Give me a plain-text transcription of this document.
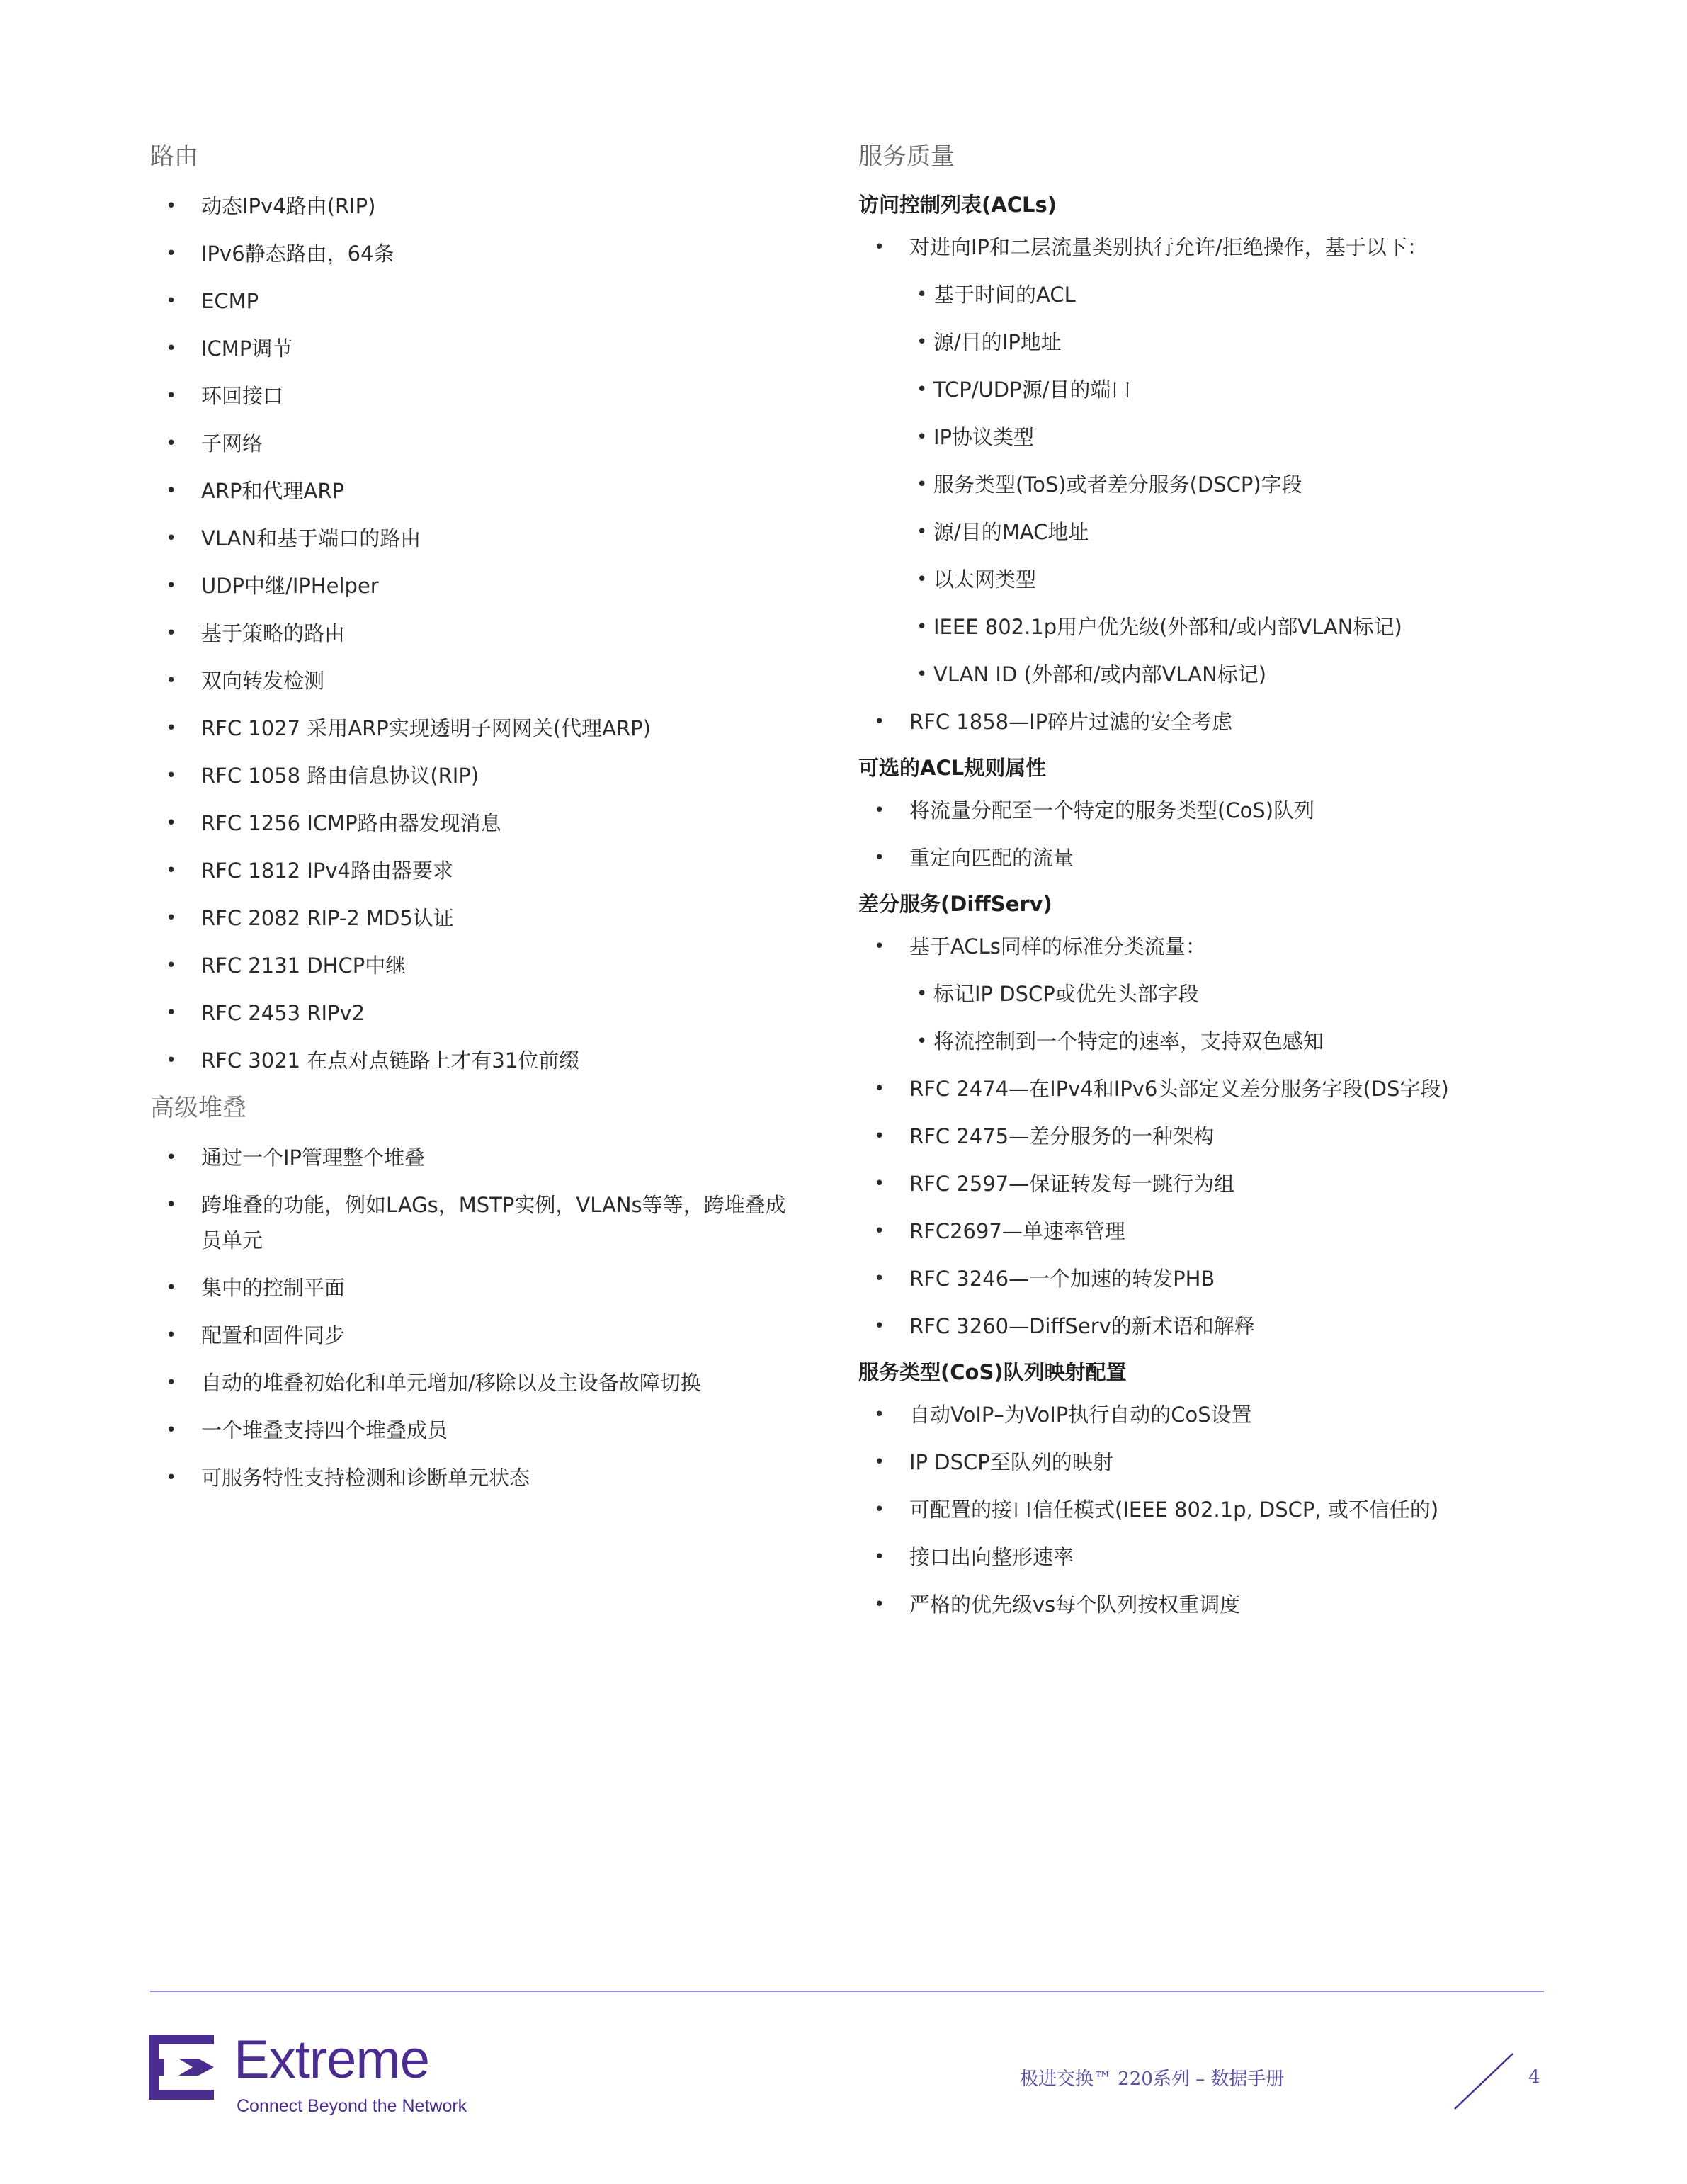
路由
• 动态IPv4路由(RIP)
• IPv6静态路由，64条
• ECMP
• ICMP调节
• 环回接口
• 子网络
• ARP和代理ARP
• VLAN和基于端口的路由
• UDP中继/IPHelper
• 基于策略的路由
• 双向转发检测
• RFC 1027 采用ARP实现透明子网网关(代理ARP)
• RFC 1058 路由信息协议(RIP)
• RFC 1256 ICMP路由器发现消息
• RFC 1812 IPv4路由器要求
• RFC 2082 RIP-2 MD5认证
• RFC 2131 DHCP中继
• RFC 2453 RIPv2
• RFC 3021 在点对点链路上才有31位前缀
高级堆叠
• 通过一个IP管理整个堆叠
• 跨堆叠的功能，例如LAGs，MSTP实例，VLANs等等，跨堆叠成员单元
• 集中的控制平面
• 配置和固件同步
• 自动的堆叠初始化和单元增加/移除以及主设备故障切换
• 一个堆叠支持四个堆叠成员
• 可服务特性支持检测和诊断单元状态
服务质量
访问控制列表(ACLs)
• 对进向IP和二层流量类别执行允许/拒绝操作，基于以下：
• 基于时间的ACL
• 源/目的IP地址
• TCP/UDP源/目的端口
• IP协议类型
• 服务类型(ToS)或者差分服务(DSCP)字段
• 源/目的MAC地址
• 以太网类型
• IEEE 802.1p用户优先级(外部和/或内部VLAN标记)
• VLAN ID (外部和/或内部VLAN标记)
• RFC 1858—IP碎片过滤的安全考虑
可选的ACL规则属性
• 将流量分配至一个特定的服务类型(CoS)队列
• 重定向匹配的流量
差分服务(DiffServ)
• 基于ACLs同样的标准分类流量：
• 标记IP DSCP或优先头部字段
• 将流控制到一个特定的速率，支持双色感知
• RFC 2474—在IPv4和IPv6头部定义差分服务字段(DS字段)
• RFC 2475—差分服务的一种架构
• RFC 2597—保证转发每一跳行为组
• RFC2697—单速率管理
• RFC 3246—一个加速的转发PHB
• RFC 3260—DiffServ的新术语和解释
服务类型(CoS)队列映射配置
• 自动VoIP–为VoIP执行自动的CoS设置
• IP DSCP至队列的映射
• 可配置的接口信任模式(IEEE 802.1p, DSCP, 或不信任的)
• 接口出向整形速率
• 严格的优先级vs每个队列按权重调度
Extreme
Connect Beyond the Network
极进交换™ 220系列 – 数据手册	4
